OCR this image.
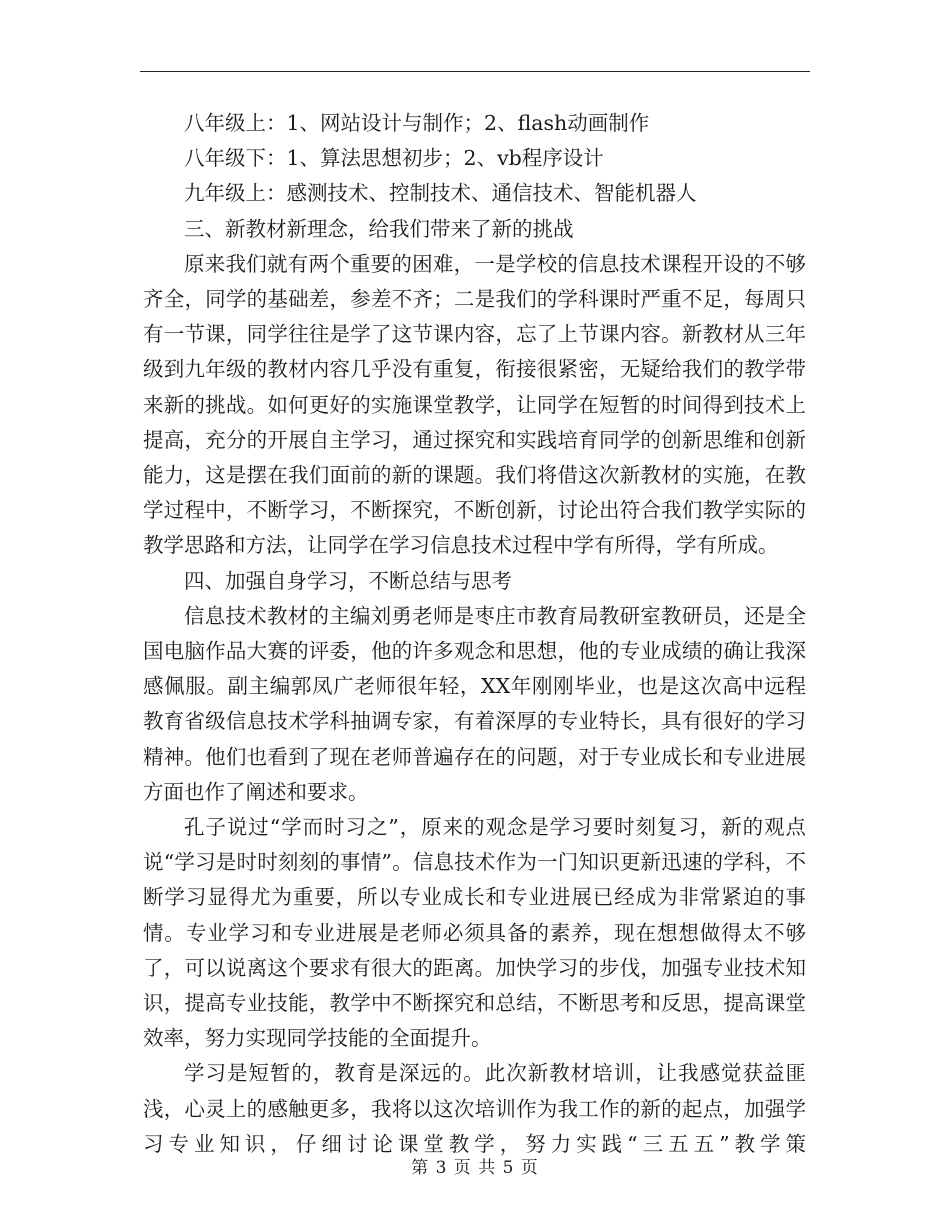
八年级上：1、网站设计与制作；2、flash动画制作

八年级下：1、算法思想初步；2、vb程序设计

九年级上：感测技术、控制技术、通信技术、智能机器人

三、新教材新理念，给我们带来了新的挑战

原来我们就有两个重要的困难，一是学校的信息技术课程开设的不够齐全，同学的基础差，参差不齐；二是我们的学科课时严重不足，每周只有一节课，同学往往是学了这节课内容，忘了上节课内容。新教材从三年级到九年级的教材内容几乎没有重复，衔接很紧密，无疑给我们的教学带来新的挑战。如何更好的实施课堂教学，让同学在短暂的时间得到技术上提高，充分的开展自主学习，通过探究和实践培育同学的创新思维和创新能力，这是摆在我们面前的新的课题。我们将借这次新教材的实施，在教学过程中，不断学习，不断探究，不断创新，讨论出符合我们教学实际的教学思路和方法，让同学在学习信息技术过程中学有所得，学有所成。

四、加强自身学习，不断总结与思考

信息技术教材的主编刘勇老师是枣庄市教育局教研室教研员，还是全国电脑作品大赛的评委，他的许多观念和思想，他的专业成绩的确让我深感佩服。副主编郭凤广老师很年轻，XX年刚刚毕业，也是这次高中远程教育省级信息技术学科抽调专家，有着深厚的专业特长，具有很好的学习精神。他们也看到了现在老师普遍存在的问题，对于专业成长和专业进展方面也作了阐述和要求。

孔子说过“学而时习之”，原来的观念是学习要时刻复习，新的观点说“学习是时时刻刻的事情”。信息技术作为一门知识更新迅速的学科，不断学习显得尤为重要，所以专业成长和专业进展已经成为非常紧迫的事情。专业学习和专业进展是老师必须具备的素养，现在想想做得太不够了，可以说离这个要求有很大的距离。加快学习的步伐，加强专业技术知识，提高专业技能，教学中不断探究和总结，不断思考和反思，提高课堂效率，努力实现同学技能的全面提升。

学习是短暂的，教育是深远的。此次新教材培训，让我感觉获益匪浅，心灵上的感触更多，我将以这次培训作为我工作的新的起点，加强学习专业知识，仔细讨论课堂教学，努力实践“三五五”教学策

第 3 页 共 5 页
